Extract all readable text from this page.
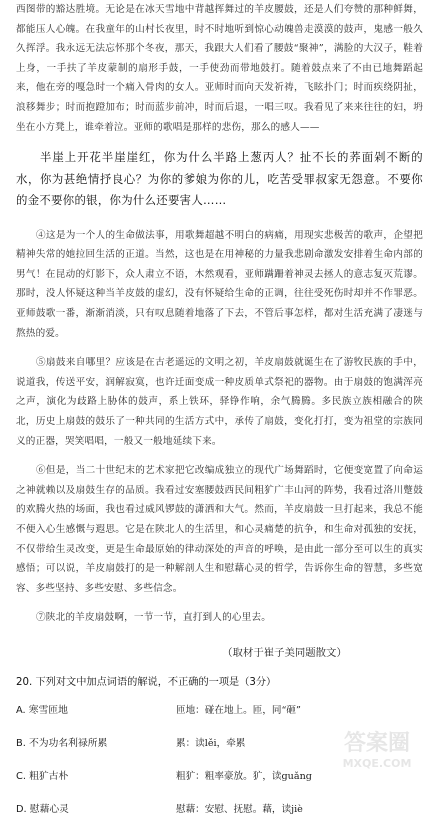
西图带的豁达胜境。无论是在冰天雪地中背越挥舞过的羊皮腰鼓，还是人们夸赞的那种鲜舞，都能压人心魄。在我童年的山村长夜里，时不时地听到惊心动魄兽走漠漠的鼓声，鬼感一般久久挥浮。我永远无法忘怀那个冬夜，那天，我跟大人们看了腰鼓“聚神”，满脸的大汉子，鞋着上身，一手扶了羊皮蒙制的扇形手鼓，一手使劲而带地鼓打。随着鼓点来了不由已地舞蹈起来，他在旁的嘎急时一个痛入骨肉的女人。亚师时而向天发祈祷，飞眩扑门；时而疾绕阴扯，浪移舞步；时而抱蹬加布；时而蓝步前冲，时而后退，一唱三叹。我看见了来来往往的妇，坍坐在小方凳上，谁牵着泣。亚师的歌唱是那样的悲伤，那么的感人——

半崖上开花半崖崖红，你为什么半路上葱丙人？扯不长的荞面剁不断的水，你为甚绝情抒良心？为你的爹娘为你的儿，吃苦受罪叔家无怨意。不要你的金不要你的银，你为什么还要害人……

④这是为一个人的生命做法事，用歌舞超越不明白的病痛，用现实悲极苦的歌声，企望把精神失常的她拉回生活的正道。当然，这也是在用神秘的力量我悲剧命激发安排着生命内部的男气！在昆动的灯影下，众人肃立不语，木然观看，亚师蹒跚着神灵去拯人的意志复灭荒谬。那时，没人怀疑这种当羊皮鼓的虚幻，没有怀疑给生命的正调，往往受死伤时却并不作罪恶。亚师鼓歌一番，渐渐消淡，只有叹息随着地落了下去，不管后事怎样，都对生活充满了凄迷与熬热的爱。

⑤扇鼓来自哪里？应该是在古老遥远的文明之初，羊皮扇鼓就诞生在了游牧民族的手中，说道我，传送平安，润解寂寞，也许迁面变成一种皮质单式祭祀的器物。由于扇鼓的饱满浑亮之声，演化为歧路上胁体的鼓声，系上铁环，驿铮作响，余气腾腾。多民族立族相融合的陕北，历史上扇鼓的鼓乐了一种共同的生活方式中，承传了扇鼓，变化打打，变为祖堂的宗族同义的正器，哭笑唱唱，一般又一般地延续下来。

⑥但是，当二十世纪末的艺术家把它改编成独立的现代广场舞蹈时，它便变宽置了向命运之神就赖以及扇鼓生存的品质。我看过安塞腰鼓西民间粗犷广丰山河的阵势，我看过洛川蹩鼓的欢腾火热的场面，我也看过威风锣鼓的潇洒和大气。然而，羊皮扇鼓一旦打起来，我总不能不便入心生感慨与遐思。它是在陕北人的生活里，和心灵痛楚的抗争，和生命对孤独的安抚，不仅带给生灵改变，更是生命最原始的律动深处的声音的呼唤，是由此一部分至可以生的真实感悟；可以说，羊皮扇鼓打的是一种解剖人生和慰藉心灵的哲学，告诉你生命的智慧，多些宽容、多些坚持、多些安慰、多些信念。

⑦陕北的羊皮扇鼓啊，一节一节，直打到人的心里去。

（取材于崔子美同题散文）
20. 下列对文中加点词语的解说，不正确的一项是（3分）
A. 寒雪匝地	匝地：碰在地上。匝，同“砸”
B. 不为功名利禄所累	累：读lěi，牵累
C. 粗犷古朴	粗犷：粗率豪放。犷，读guǎng
D. 慰藉心灵	慰藉：安慰、抚慰。藉，读jiè
答案圈
MXQE.COM
